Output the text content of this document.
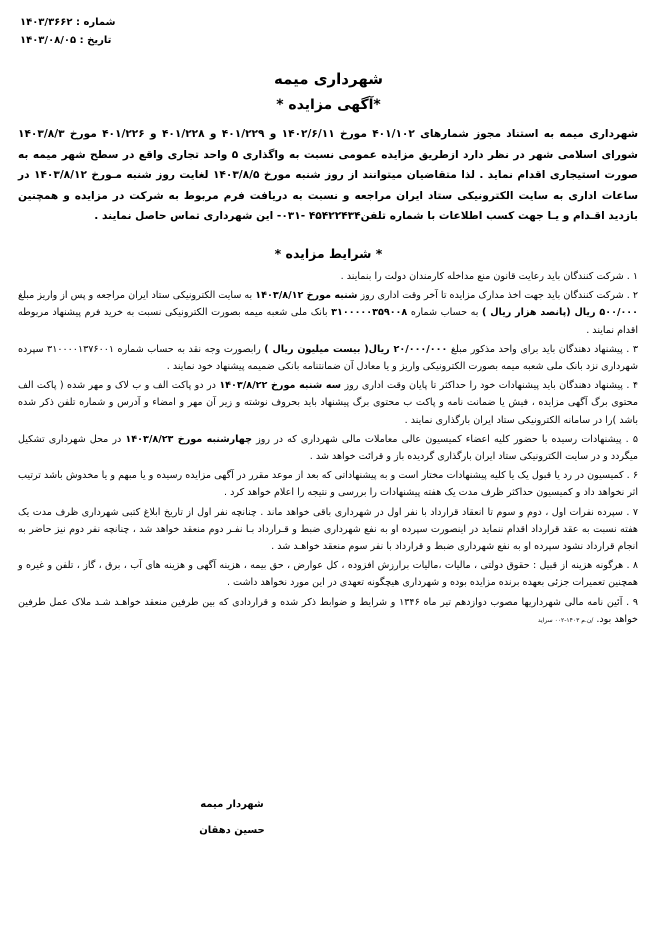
شماره : ۱۴۰۳/۳۶۶۲
تاریخ : ۱۴۰۳/۰۸/۰۵
شهرداری میمه
*آگهی مزایده *
شهرداری میمه به استناد مجوز شمارهای ۴۰۱/۱۰۲ مورخ ۱۴۰۲/۶/۱۱ و ۴۰۱/۲۲۹ و ۴۰۱/۲۲۸ و ۴۰۱/۲۲۶ مورخ ۱۴۰۳/۸/۳ شورای اسلامی شهر در نظر دارد ازطریق مزایده عمومی نسبت به واگذاری ۵ واحد تجاری واقع در سطح شهر میمه به صورت استیجاری اقدام نماید . لذا متقاضیان میتوانند از روز شنبه مورخ ۱۴۰۳/۸/۵ لغایت روز شنبه مـورخ ۱۴۰۳/۸/۱۲ در ساعات اداری به سایت الکترونیکی ستاد ایران مراجعه و نسبت به دریافت فرم مربوط به شرکت در مزایده و همچنین بازدید اقـدام و یـا جهت کسب اطلاعات با شماره تلفن۴۵۴۲۲۴۳۴ -۰۳۱- این شهرداری تماس حاصل نمایند .
* شرایط مزایده *

۱ . شرکت کنندگان باید رعایت قانون منع مداخله کارمندان دولت را بنمایند .

۲ . شرکت کنندگان باید جهت اخذ مدارک مزایده تا آخر وقت اداری روز شنبه مورخ ۱۴۰۳/۸/۱۲ به سایت الکترونیکی ستاد ایران مراجعه و پس از واریز مبلغ ۵۰۰/۰۰۰ ریال (پانصد هزار ریال ) به حساب شماره ۳۱۰۰۰۰۰۳۵۹۰۰۸ بانک ملی شعبه میمه بصورت الکترونیکی نسبت به خرید فرم پیشنهاد مربوطه اقدام نمایند .

۳ . پیشنهاد دهندگان باید برای واحد مذکور مبلغ ۲۰/۰۰۰/۰۰۰ ریال( بیست میلیون ریال ) رابصورت وجه نقد به حساب شماره ۳۱۰۰۰۰۱۳۷۶۰۰۱ سپرده شهرداری نزد بانک ملی شعبه میمه بصورت الکترونیکی واریز و یا معادل آن ضمانتنامه بانکی ضمیمه پیشنهاد خود نمایند .

۴ . پیشنهاد دهندگان باید پیشنهادات خود را حداکثر تا پایان وقت اداری روز سه شنبه مورخ ۱۴۰۳/۸/۲۲ در دو پاکت الف و ب لاک و مهر شده ( پاکت الف محتوی برگ آگهی مزایده ، فیش یا ضمانت نامه و پاکت ب محتوی برگ پیشنهاد باید بحروف نوشته و زیر آن مهر و امضاء و آدرس و شماره تلفن ذکر شده باشد )را در سامانه الکترونیکی ستاد ایران بارگذاری نمایند .

۵ . پیشنهادات رسیده با حضور کلیه اعضاء کمیسیون عالی معاملات مالی شهرداری که در روز چهارشنبه مورخ ۱۴۰۳/۸/۲۳ در محل شهرداری تشکیل میگردد و در سایت الکترونیکی ستاد ایران بارگذاری گردیده باز و قرائت خواهد شد .

۶ . کمیسیون در رد یا قبول یک یا کلیه پیشنهادات مختار است و به پیشنهاداتی که بعد از موعد مقرر در آگهی مزایده رسیده و یا مبهم و یا مخدوش باشد ترتیب اثر نخواهد داد و کمیسیون حداکثر ظرف مدت یک هفته پیشنهادات را بررسی و نتیجه را اعلام خواهد کرد .

۷ . سپرده نفرات اول ، دوم و سوم تا انعقاد قرارداد با نفر اول در شهرداری باقی خواهد ماند . چنانچه نفر اول از تاریخ ابلاغ کتبی شهرداری ظرف مدت یک هفته نسبت به عقد قرارداد اقدام ننماید در اینصورت سپرده او به نفع شهرداری ضبط و قـرارداد بـا نفـر دوم منعقد خواهد شد ، چنانچه نفر دوم نیز حاضر به انجام قرارداد نشود سپرده او به نفع شهرداری ضبط و قرارداد با نفر سوم منعقد خواهـد شد .

۸ . هرگونه هزینه از قبیل : حقوق دولتی ، مالیات ،مالیات برارزش افزوده ، کل عوارض ، حق بیمه ، هزینه آگهی و هزینه های آب ، برق ، گاز ، تلفن و غیره و همچنین تعمیرات جزئی بعهده برنده مزایده بوده و شهرداری هیچگونه تعهدی در این مورد نخواهد داشت .

۹ . آئین نامه مالی شهرداریها مصوب دوازدهم تیر ماه ۱۳۴۶ و شرایط و ضوابط ذکر شده و قراردادی که بین طرفین منعقد خواهـد شـد ملاک عمل طرفین خواهد بود. /ن.م ۱۴۰۳-۰۰۲ سراید

شهردار میمه
حسین دهقان
